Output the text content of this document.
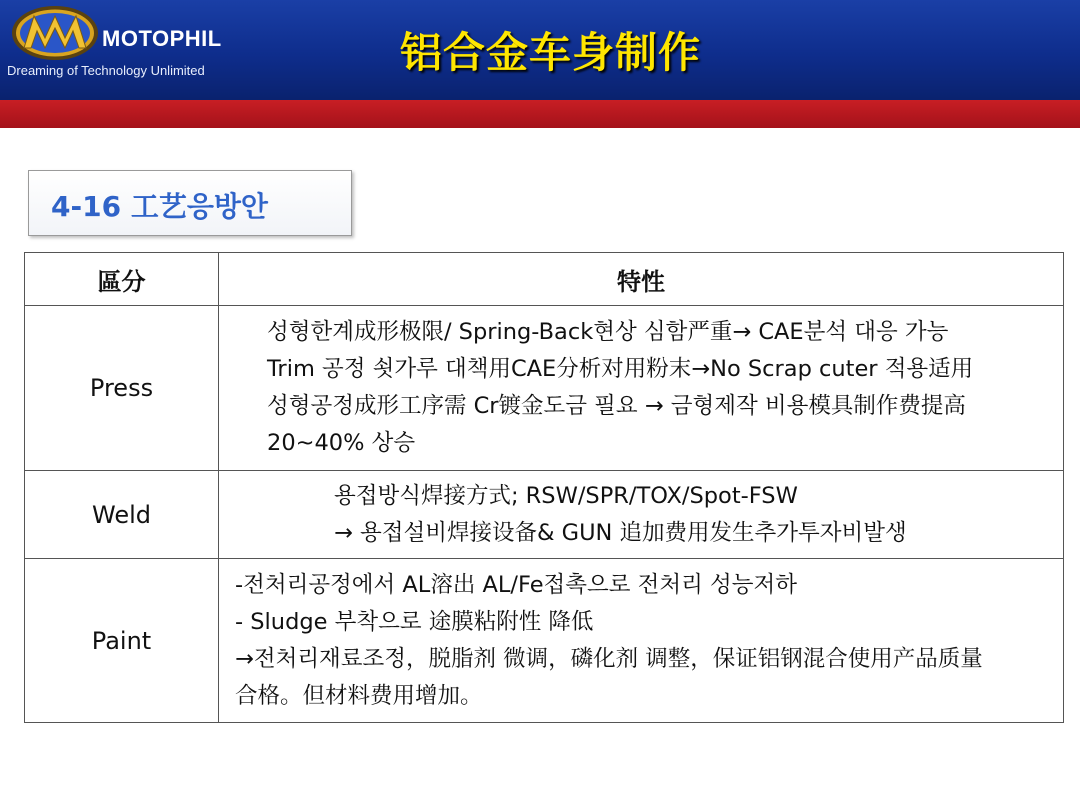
MOTOPHIL
Dreaming of Technology Unlimited	铝合金车身制作
4-16 工艺응방안
區分	特性
Press	성형한계成形极限/ Spring-Back현상 심함严重→ CAE분석 대응 가능
Trim 공정 쇳가루 대책用CAE分析对用粉末→No Scrap cuter 적용适用
성형공정成形工序需 Cr镀金도금 필요 → 금형제작 비용模具制作费提高
20~40% 상승

Weld	용접방식焊接方式; RSW/SPR/TOX/Spot-FSW
→ 용접설비焊接设备& GUN 追加费用发生추가투자비발생

Paint	-전처리공정에서 AL溶出 AL/Fe접촉으로 전처리 성능저하
- Sludge 부착으로 途膜粘附性 降低
→전처리재료조정，脱脂剂 微调，磷化剂 调整，保证铝钢混合使用产品质量
合格。但材料费用增加。
